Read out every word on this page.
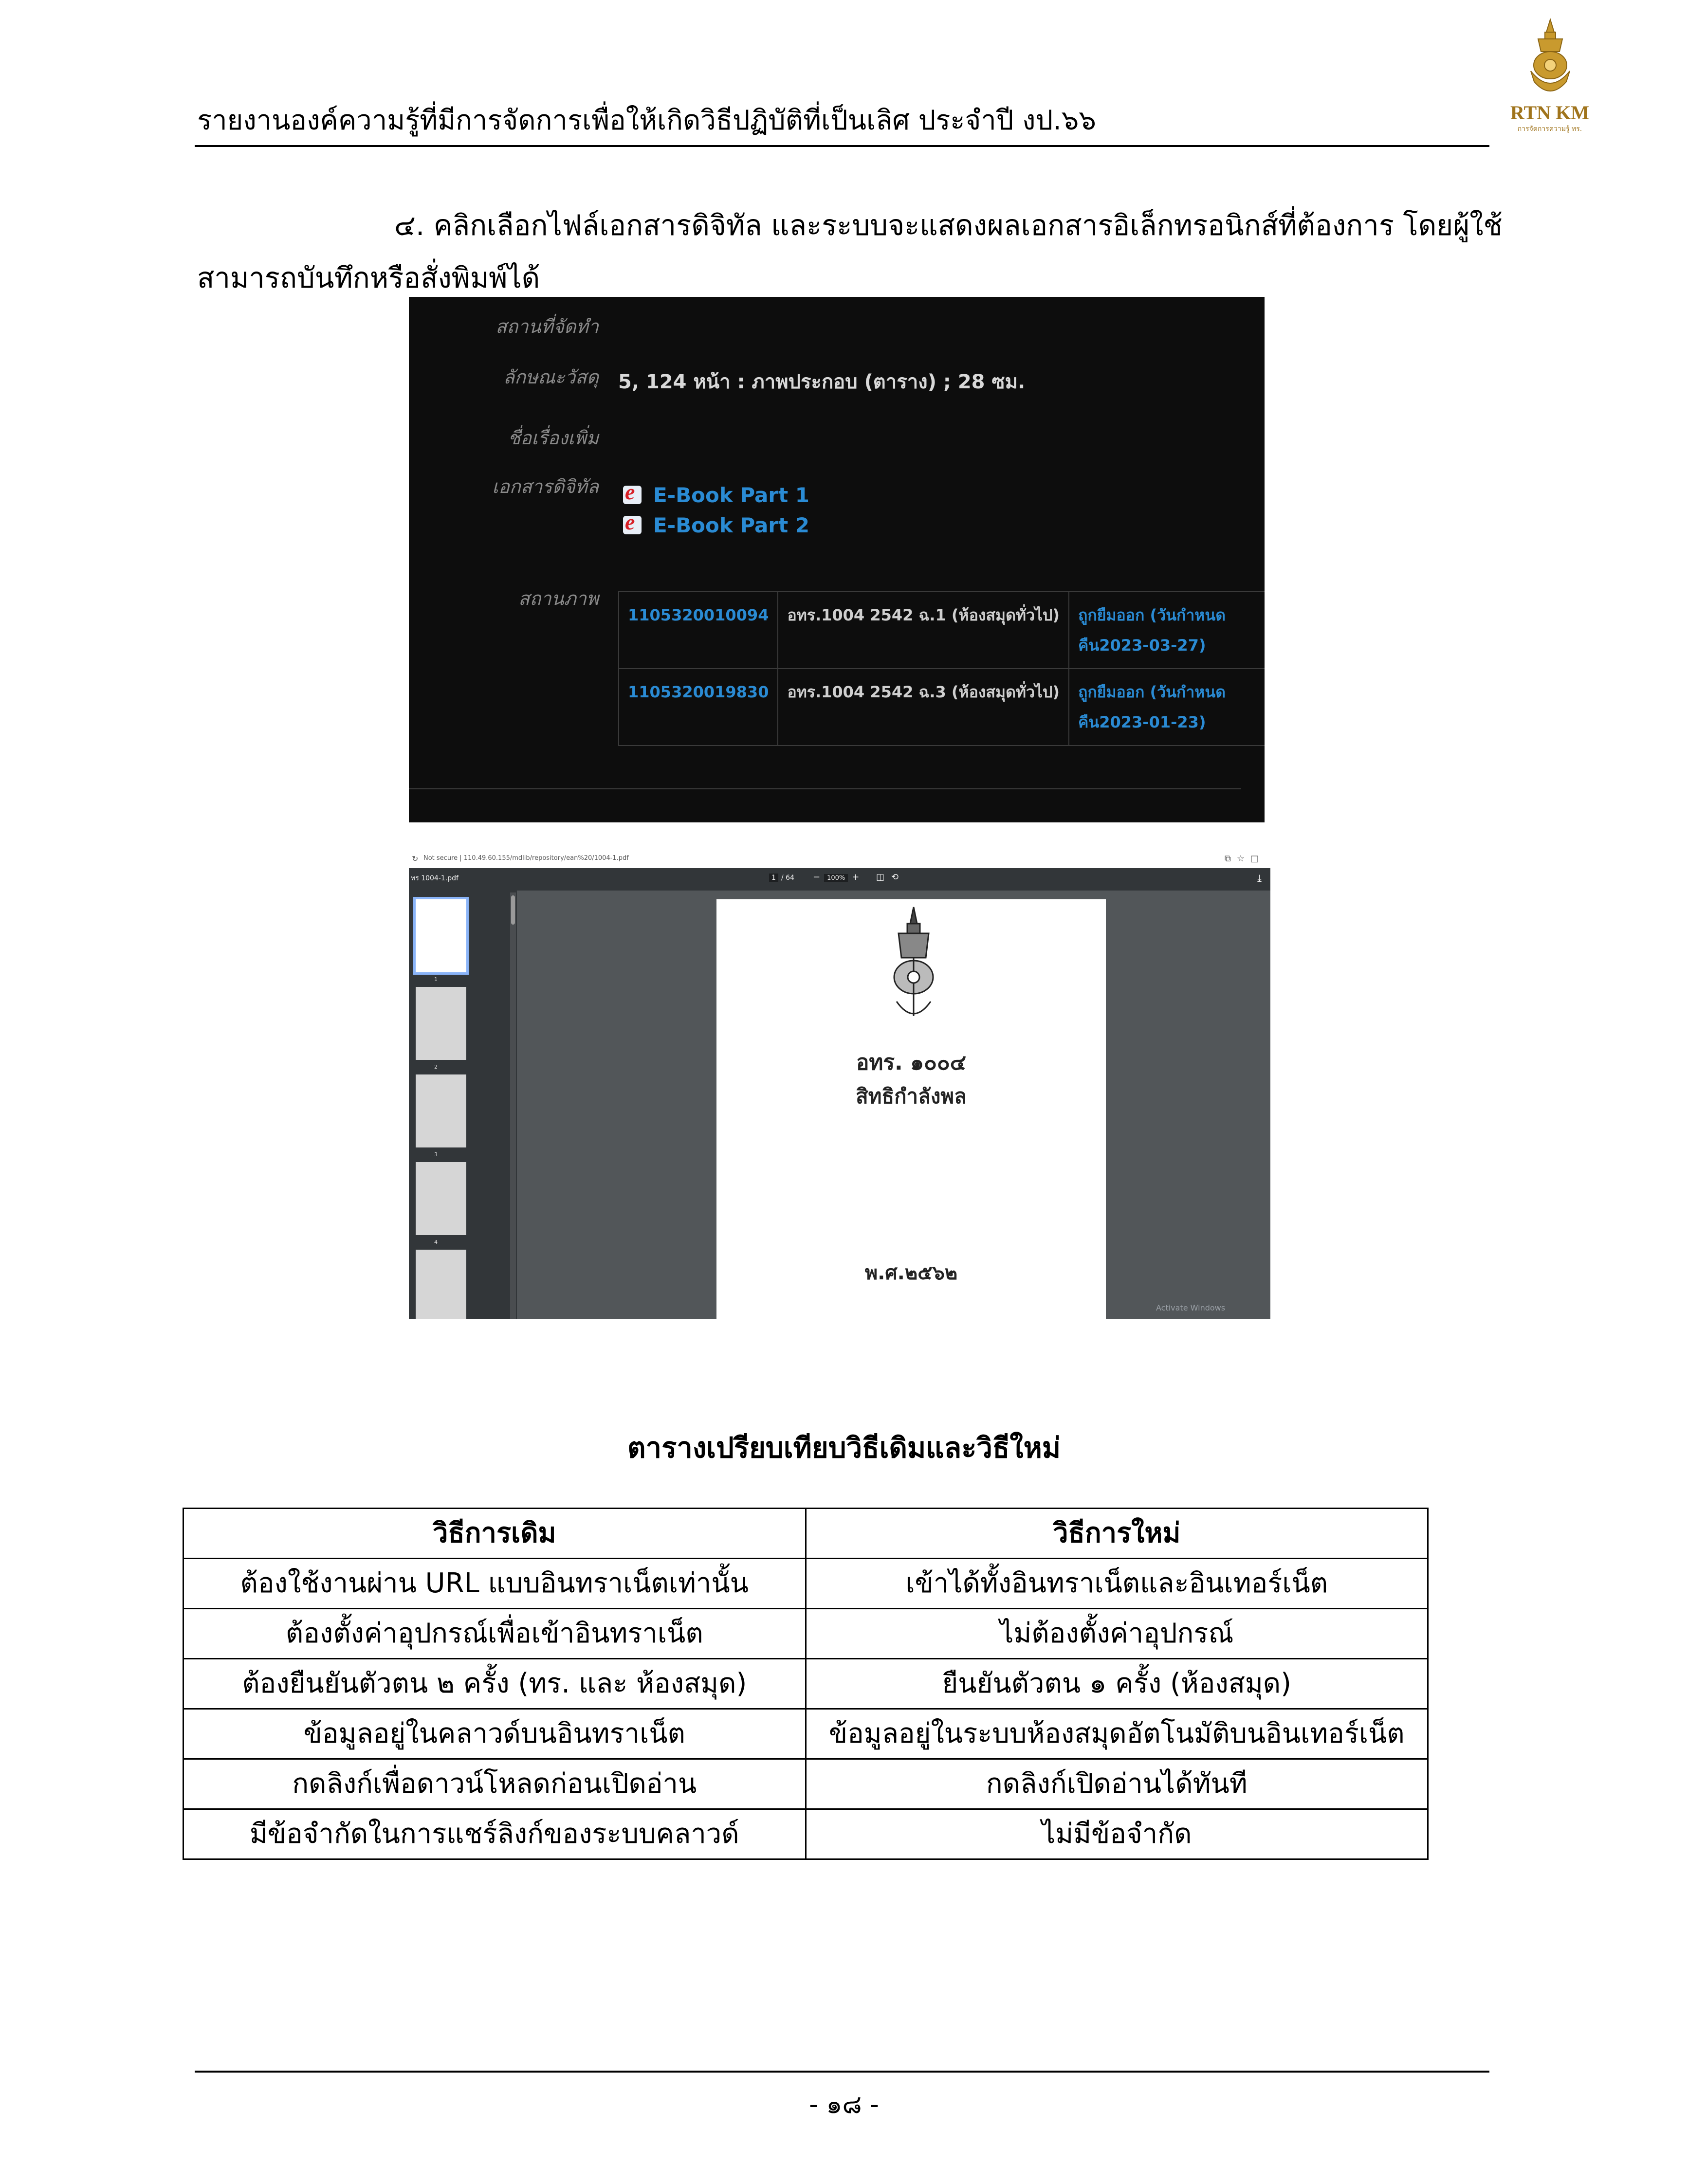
รายงานองค์ความรู้ที่มีการจัดการเพื่อให้เกิดวิธีปฏิบัติที่เป็นเลิศ ประจำปี งป.๖๖	RTN KM
การจัดการความรู้ ทร.
๔. คลิกเลือกไฟล์เอกสารดิจิทัล และระบบจะแสดงผลเอกสารอิเล็กทรอนิกส์ที่ต้องการ โดยผู้ใช้
สามารถบันทึกหรือสั่งพิมพ์ได้
สถานที่จัดทำ
ลักษณะวัสดุ 5, 124 หน้า : ภาพประกอบ (ตาราง) ; 28 ซม.
ชื่อเรื่องเพิ่ม
เอกสารดิจิทัล e	E-Book Part 1
e
E-Book Part 2
สถานภาพ
1105320010094	อทร.1004 2542 ฉ.1 (ห้องสมุดทั่วไป)	ถูกยืมออก (วันกำหนด
คืน2023-03-27)
1105320019830	อทร.1004 2542 ฉ.3 (ห้องสมุดทั่วไป)	ถูกยืมออก (วันกำหนด
คืน2023-01-23)
↻ Not secure | 110.49.60.155/mdlib/repository/ean%20/1004-1.pdf	⧉☆□
ทร 1004-1.pdf	1 / 64 − 100% + ◫⟲	⤓
1
2
3
4
อทร. ๑๐๐๔
สิทธิกำลังพล
พ.ศ.๒๕๖๒
Activate Windows
ตารางเปรียบเทียบวิธีเดิมและวิธีใหม่
วิธีการเดิม	วิธีการใหม่
ต้องใช้งานผ่าน URL แบบอินทราเน็ตเท่านั้น	เข้าได้ทั้งอินทราเน็ตและอินเทอร์เน็ต
ต้องตั้งค่าอุปกรณ์เพื่อเข้าอินทราเน็ต	ไม่ต้องตั้งค่าอุปกรณ์
ต้องยืนยันตัวตน ๒ ครั้ง (ทร. และ ห้องสมุด)	ยืนยันตัวตน ๑ ครั้ง (ห้องสมุด)
ข้อมูลอยู่ในคลาวด์บนอินทราเน็ต	ข้อมูลอยู่ในระบบห้องสมุดอัตโนมัติบนอินเทอร์เน็ต
กดลิงก์เพื่อดาวน์โหลดก่อนเปิดอ่าน	กดลิงก์เปิดอ่านได้ทันที
มีข้อจำกัดในการแชร์ลิงก์ของระบบคลาวด์	ไม่มีข้อจำกัด
- ๑๘ -
